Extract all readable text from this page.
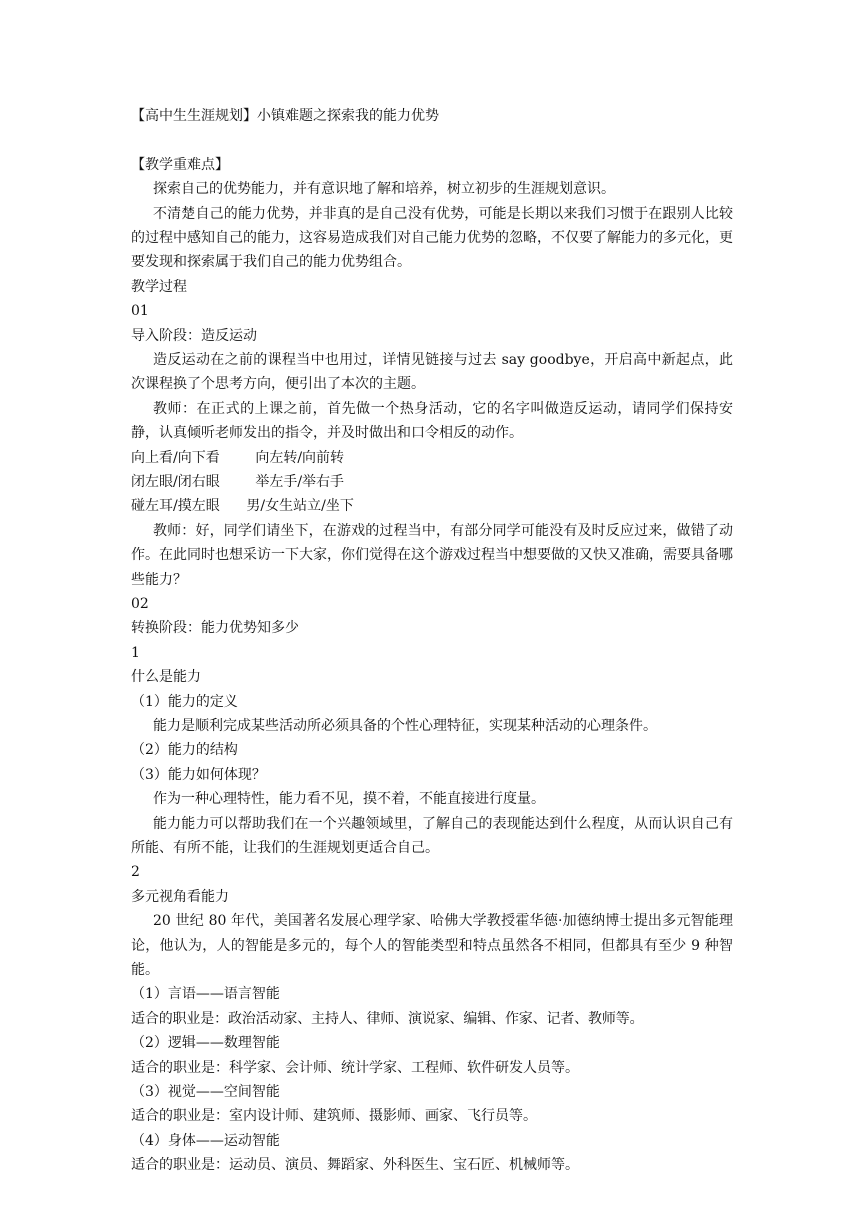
【高中生生涯规划】小镇难题之探索我的能力优势
【教学重难点】
探索自己的优势能力，并有意识地了解和培养，树立初步的生涯规划意识。
不清楚自己的能力优势，并非真的是自己没有优势，可能是长期以来我们习惯于在跟别人比较的过程中感知自己的能力，这容易造成我们对自己能力优势的忽略，不仅要了解能力的多元化，更要发现和探索属于我们自己的能力优势组合。
教学过程
01
导入阶段：造反运动
造反运动在之前的课程当中也用过，详情见链接与过去 say goodbye，开启高中新起点，此次课程换了个思考方向，便引出了本次的主题。
教师：在正式的上课之前，首先做一个热身活动，它的名字叫做造反运动，请同学们保持安静，认真倾听老师发出的指令，并及时做出和口令相反的动作。
向上看/向下看        向左转/向前转
闭左眼/闭右眼        举左手/举右手
碰左耳/摸左眼      男/女生站立/坐下
教师：好，同学们请坐下，在游戏的过程当中，有部分同学可能没有及时反应过来，做错了动作。在此同时也想采访一下大家，你们觉得在这个游戏过程当中想要做的又快又准确，需要具备哪些能力？
02
转换阶段：能力优势知多少
1
什么是能力
（1）能力的定义
能力是顺利完成某些活动所必须具备的个性心理特征，实现某种活动的心理条件。
（2）能力的结构
（3）能力如何体现？
作为一种心理特性，能力看不见，摸不着，不能直接进行度量。
能力能力可以帮助我们在一个兴趣领域里，了解自己的表现能达到什么程度，从而认识自己有所能、有所不能，让我们的生涯规划更适合自己。
2
多元视角看能力
20 世纪 80 年代，美国著名发展心理学家、哈佛大学教授霍华德·加德纳博士提出多元智能理论，他认为，人的智能是多元的，每个人的智能类型和特点虽然各不相同，但都具有至少 9 种智能。
（1）言语——语言智能
适合的职业是：政治活动家、主持人、律师、演说家、编辑、作家、记者、教师等。
（2）逻辑——数理智能
适合的职业是：科学家、会计师、统计学家、工程师、软件研发人员等。
（3）视觉——空间智能
适合的职业是：室内设计师、建筑师、摄影师、画家、飞行员等。
（4）身体——运动智能
适合的职业是：运动员、演员、舞蹈家、外科医生、宝石匠、机械师等。
